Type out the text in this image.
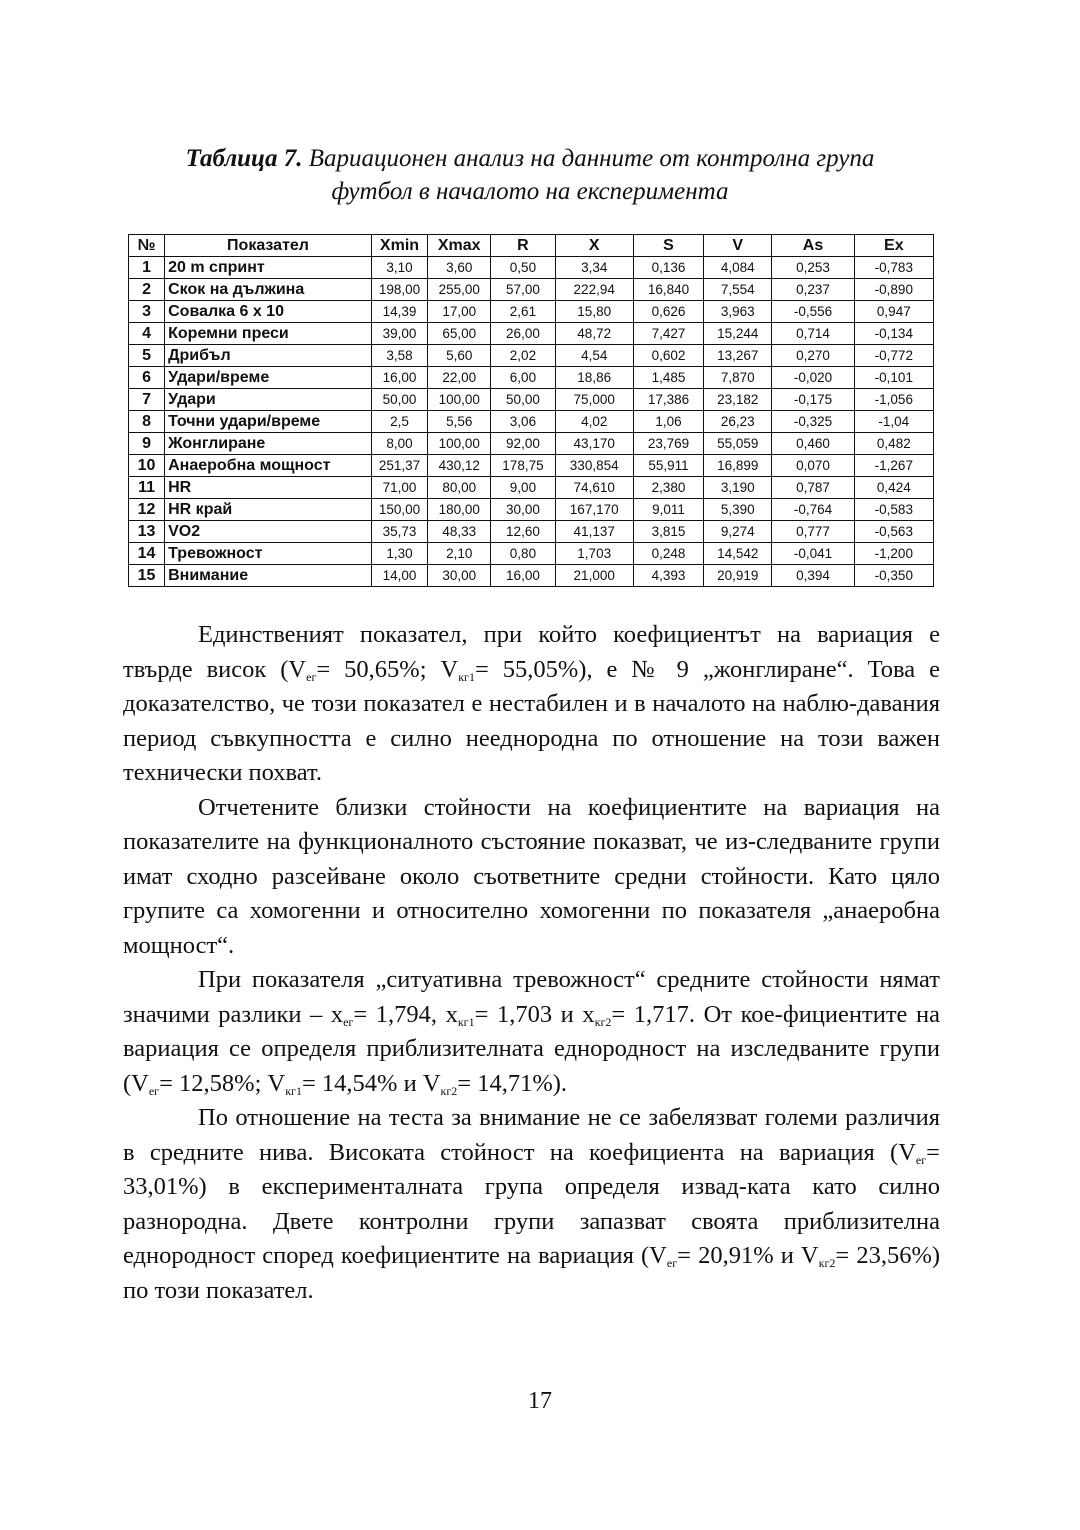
Таблица 7. Вариационен анализ на данните от контролна група
футбол в началото на експеримента
№	Показател	Xmin	Xmax	R	X	S	V	As	Ex
1	20 m спринт	3,10	3,60	0,50	3,34	0,136	4,084	0,253	-0,783
2	Скок на дължина	198,00	255,00	57,00	222,94	16,840	7,554	0,237	-0,890
3	Совалка 6 x 10	14,39	17,00	2,61	15,80	0,626	3,963	-0,556	0,947
4	Коремни преси	39,00	65,00	26,00	48,72	7,427	15,244	0,714	-0,134
5	Дрибъл	3,58	5,60	2,02	4,54	0,602	13,267	0,270	-0,772
6	Удари/време	16,00	22,00	6,00	18,86	1,485	7,870	-0,020	-0,101
7	Удари	50,00	100,00	50,00	75,000	17,386	23,182	-0,175	-1,056
8	Точни удари/време	2,5	5,56	3,06	4,02	1,06	26,23	-0,325	-1,04
9	Жонглиране	8,00	100,00	92,00	43,170	23,769	55,059	0,460	0,482
10	Анаеробна мощност	251,37	430,12	178,75	330,854	55,911	16,899	0,070	-1,267
11	HR	71,00	80,00	9,00	74,610	2,380	3,190	0,787	0,424
12	HR край	150,00	180,00	30,00	167,170	9,011	5,390	-0,764	-0,583
13	VO2	35,73	48,33	12,60	41,137	3,815	9,274	0,777	-0,563
14	Тревожност	1,30	2,10	0,80	1,703	0,248	14,542	-0,041	-1,200
15	Внимание	14,00	30,00	16,00	21,000	4,393	20,919	0,394	-0,350

Единственият показател, при който коефициентът на вариация е твърде висок ($V_{ег}= 50,65\%$; $V_{кг1}= 55,05\%$), е № 9 „жонглиране“. Това е доказателство, че този показател е нестабилен и в началото на наблю-давания период съвкупността е силно нееднородна по отношение на този важен технически похват.

Отчетените близки стойности на коефициентите на вариация на показателите на функционалното състояние показват, че из-следваните групи имат сходно разсейване около съответните средни стойности. Като цяло групите са хомогенни и относително хомогенни по показателя „анаеробна мощност“.

При показателя „ситуативна тревожност“ средните стойности нямат значими разлики – $x_{ег}= 1,794$, $x_{кг1}= 1,703$ и $x_{кг2}= 1,717$. От кое-фициентите на вариация се определя приблизителната еднородност на изследваните групи ($V_{ег}= 12,58\%$; $V_{кг1}= 14,54\%$ и $V_{кг2}= 14,71\%$).

По отношение на теста за внимание не се забелязват големи различия в средните нива. Високата стойност на коефициента на вариация $(V_{ег}= 33,01\%)$ в експерименталната група определя извад-ката като силно разнородна. Двете контролни групи запазват своята приблизителна еднородност според коефициентите на вариация ($V_{ег}= 20,91\%$ и $V_{кг2}= 23,56\%$) по този показател.

17
